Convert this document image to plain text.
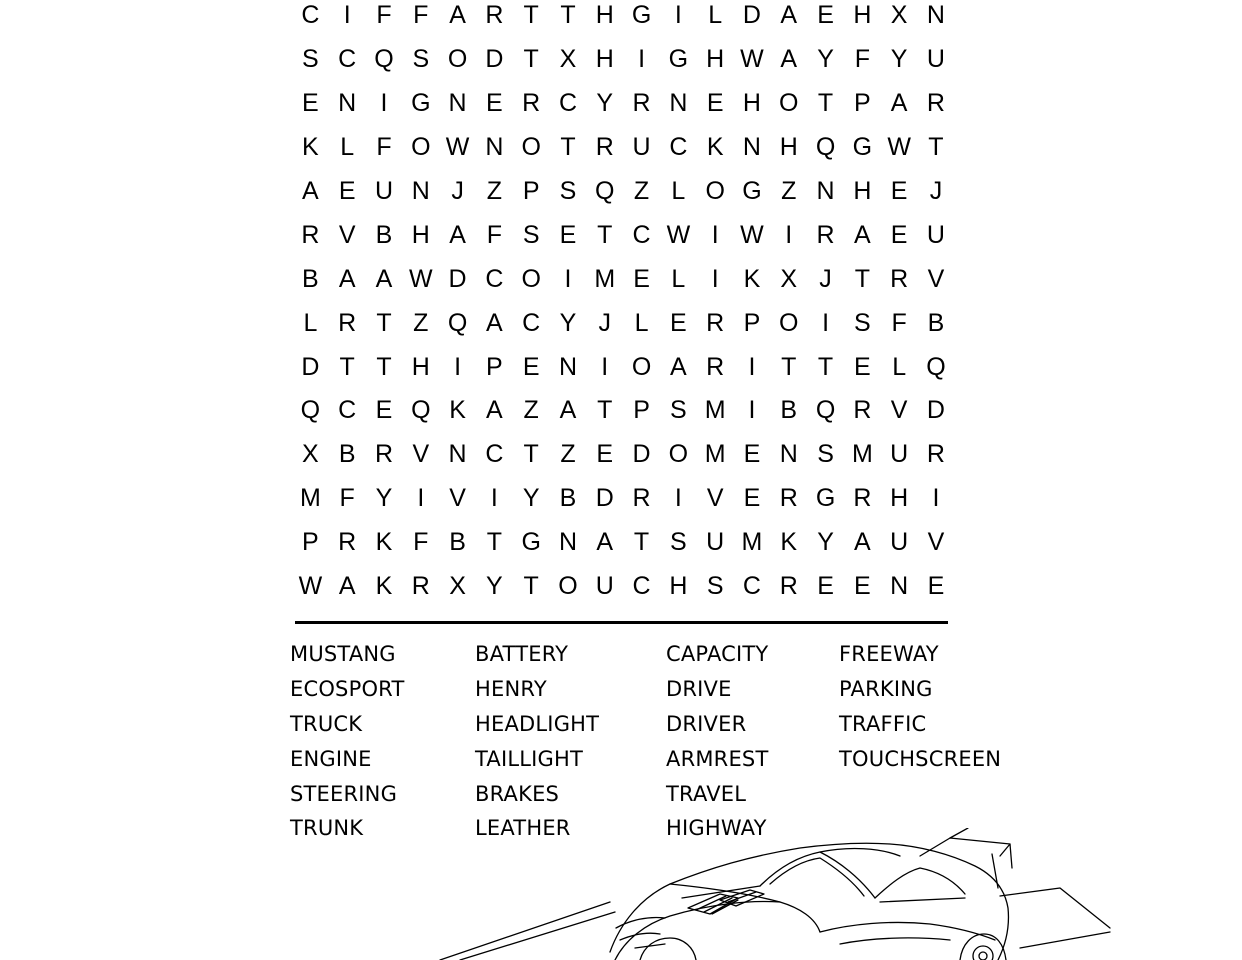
C I	F F A R T T H G I	L D A E H X N
S C Q S O D T X H I G H W A Y F Y U
E N I G N E R C Y R N E H O T P A R
K L F O W N O T R U C K N H Q G W T
A E U N J Z P S Q Z L O G Z N H E J
R V B H A F S E T C W I W I R A E U
B A A W D C O I M E L	I K X J T R V
L R T Z Q A C Y J L E R P O I S F B
D T T H I P E N I O A R I	T T E L Q
Q C E Q K A Z A T P S M I B Q R V D
X B R V N C T Z E D O M E N S M U R
M F Y I V I Y B D R I V E R G R H I
P R K F B T G N A T S U M K Y A U V
W A K R X Y T O U C H S C R E E N E
MUSTANG
ECOSPORT
TRUCK
ENGINE
STEERING
TRUNK
BATTERY
HENRY
HEADLIGHT
TAILLIGHT
BRAKES
LEATHER
CAPACITY
DRIVE
DRIVER
ARMREST
TRAVEL
HIGHWAY
FREEWAY
PARKING
TRAFFIC
TOUCHSCREEN
